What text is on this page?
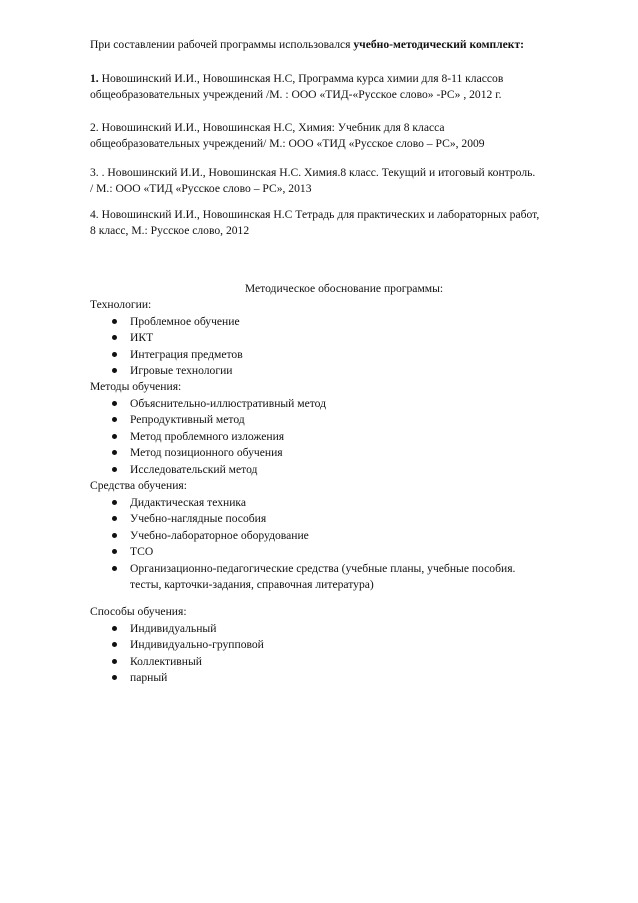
При составлении рабочей программы использовался учебно-методический комплект:
1. Новошинский И.И., Новошинская Н.С, Программа курса химии для 8-11 классов
общеобразовательных учреждений /М. : ООО «ТИД-«Русское слово» -РС» , 2012 г.
2. Новошинский И.И., Новошинская Н.С, Химия: Учебник для 8 класса
общеобразовательных учреждений/ М.: ООО «ТИД «Русское слово – РС», 2009
3. . Новошинский И.И., Новошинская Н.С. Химия.8 класс. Текущий и итоговый контроль.
/ М.: ООО «ТИД «Русское слово – РС», 2013
4. Новошинский И.И., Новошинская Н.С Тетрадь для практических и лабораторных работ,
8 класс, М.: Русское слово, 2012
Методическое обоснование программы:
Технологии:
Проблемное обучение
ИКТ
Интеграция предметов
Игровые технологии
Методы обучения:
Объяснительно-иллюстративный метод
Репродуктивный метод
Метод проблемного изложения
Метод позиционного обучения
Исследовательский метод
Средства обучения:
Дидактическая техника
Учебно-наглядные пособия
Учебно-лабораторное оборудование
ТСО
Организационно-педагогические средства (учебные планы, учебные пособия.
тесты, карточки-задания, справочная литература)
Способы обучения:
Индивидуальный
Индивидуально-групповой
Коллективный
парный
